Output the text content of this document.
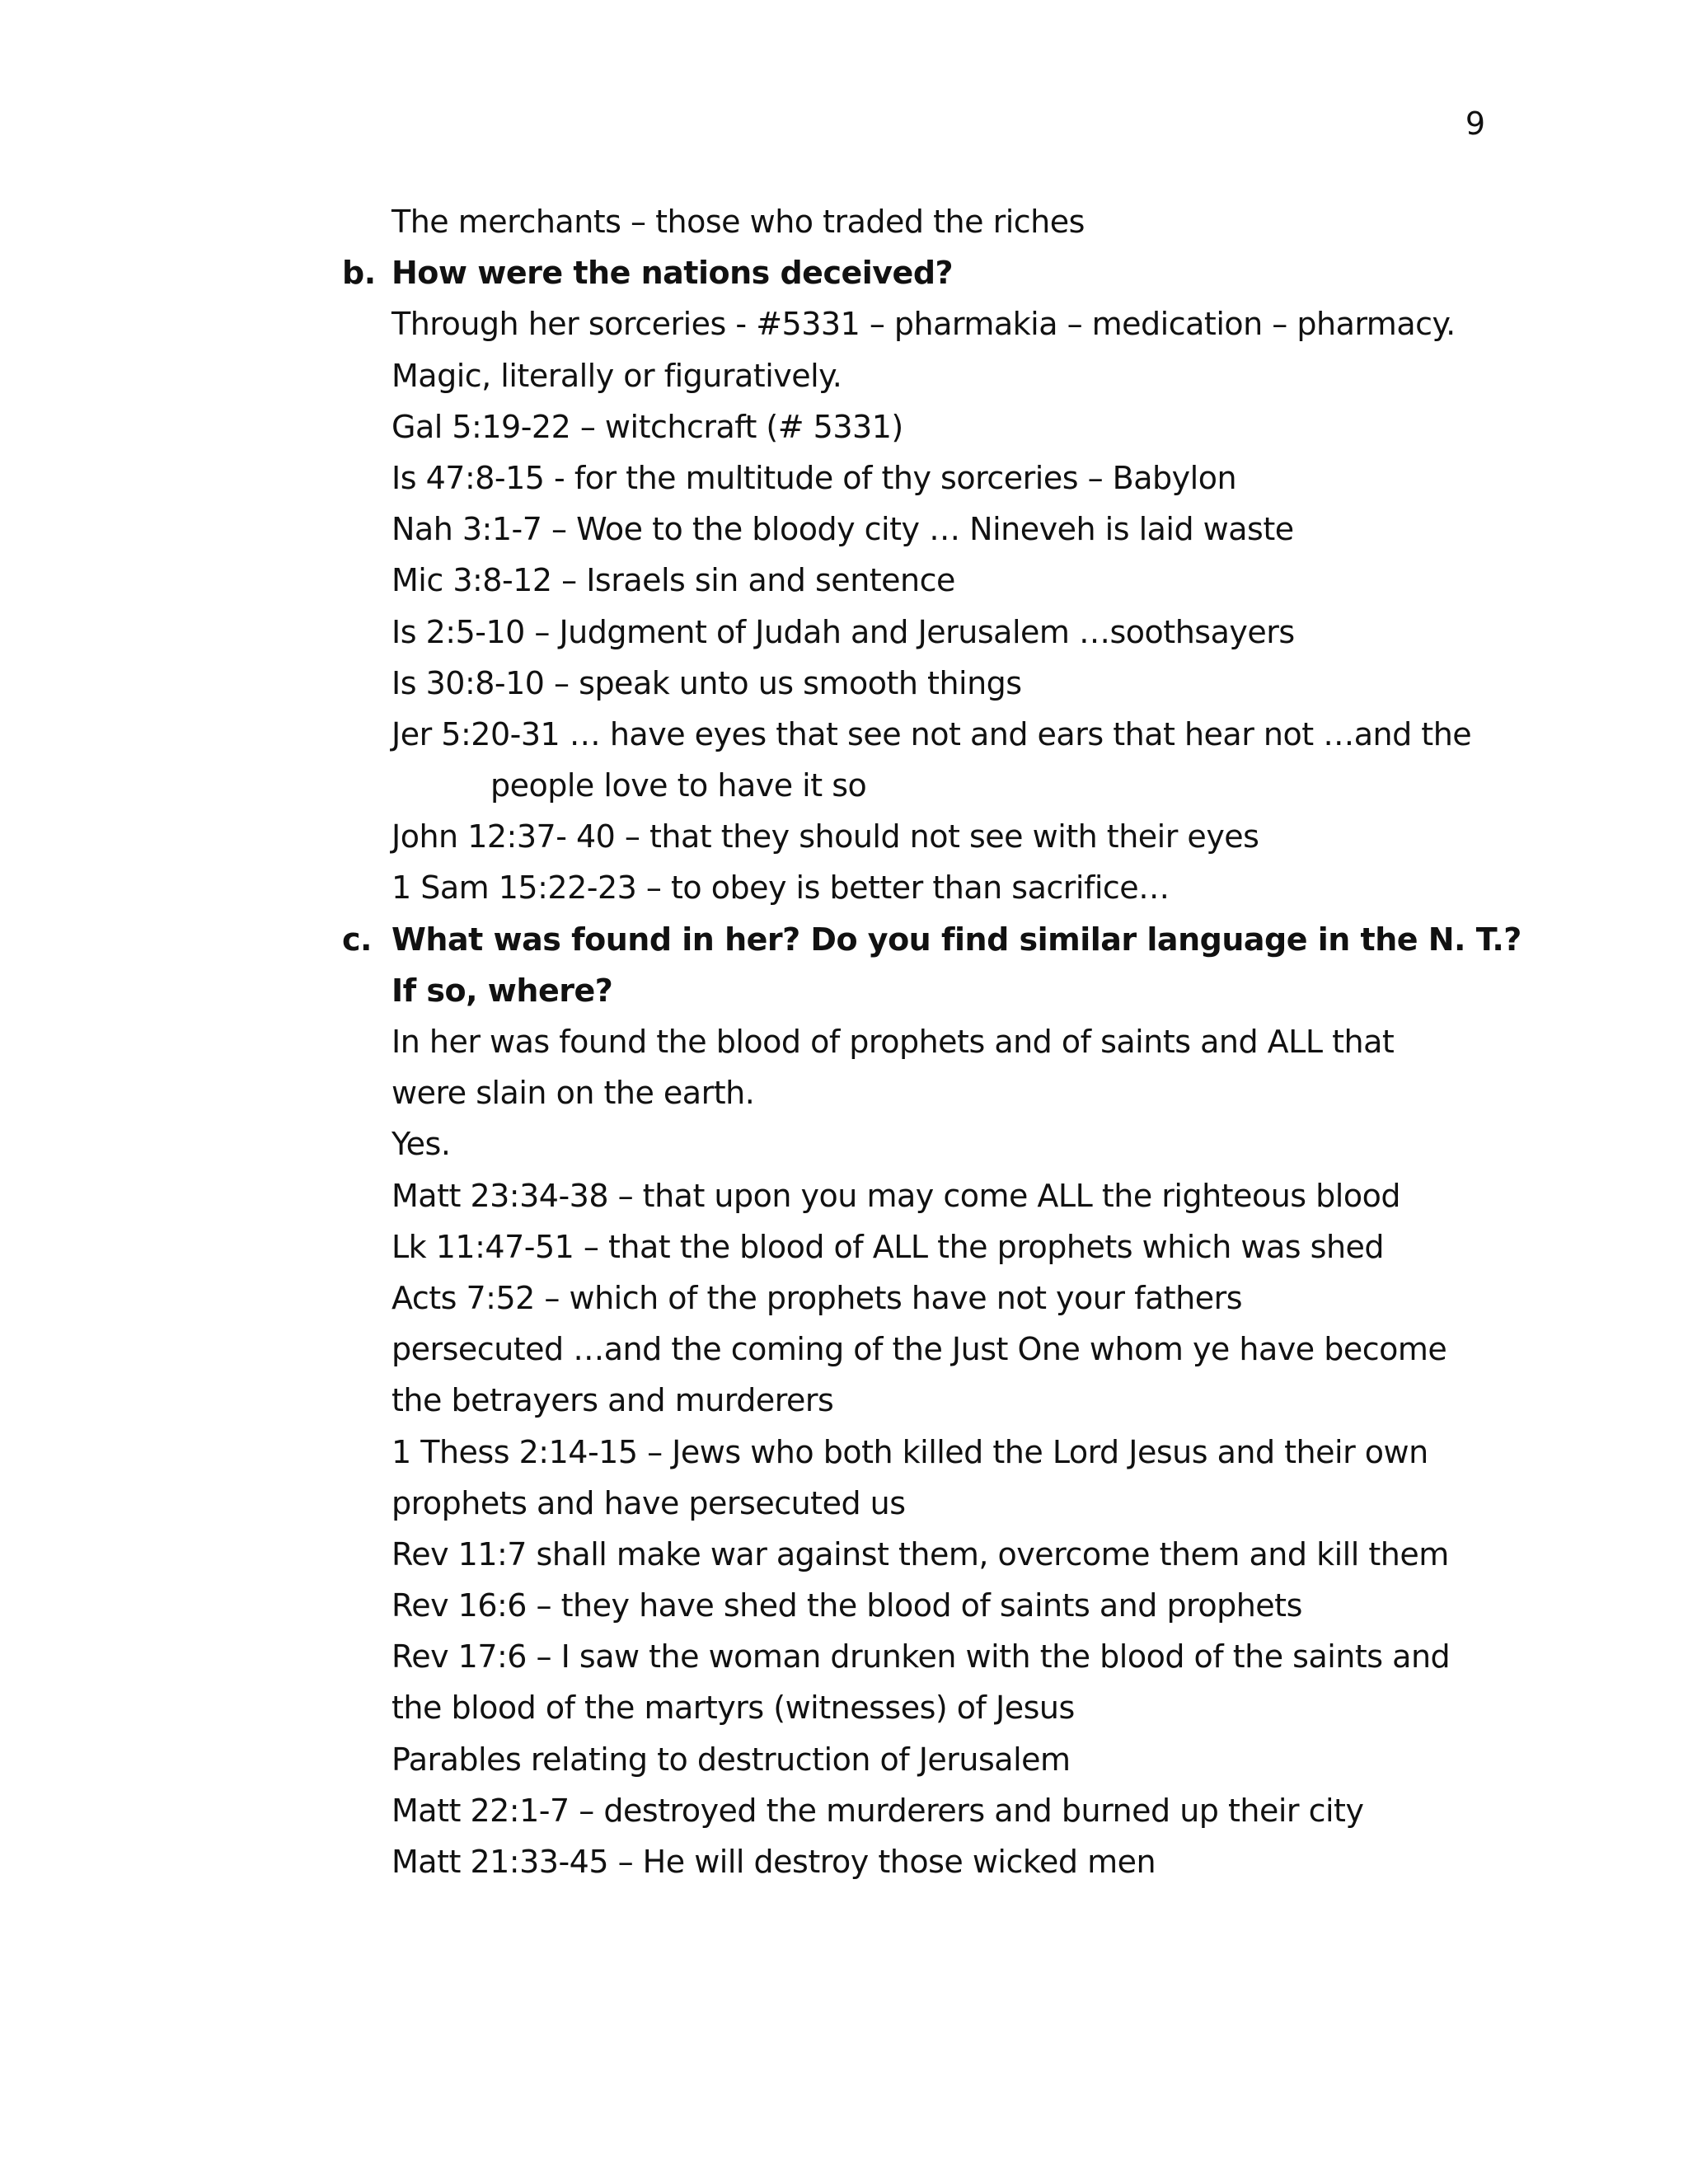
9
The merchants – those who traded the riches
b. How were the nations deceived?
Through her sorceries - #5331 – pharmakia – medication – pharmacy.
Magic, literally or figuratively.
Gal 5:19-22 – witchcraft (# 5331)
Is 47:8-15 - for the multitude of thy sorceries – Babylon
Nah 3:1-7 – Woe to the bloody city … Nineveh is laid waste
Mic 3:8-12 – Israels sin and sentence
Is 2:5-10 – Judgment of Judah and Jerusalem …soothsayers
Is 30:8-10 – speak unto us smooth things
Jer 5:20-31 … have eyes that see not and ears that hear not …and the
people love to have it so
John 12:37- 40 – that they should not see with their eyes
1 Sam 15:22-23 – to obey is better than sacrifice…
c. What was found in her? Do you find similar language in the N. T.?
If so, where?
In her was found the blood of prophets and of saints and ALL that
were slain on the earth.
Yes.
Matt 23:34-38 – that upon you may come ALL the righteous blood
Lk 11:47-51 – that the blood of ALL the prophets which was shed
Acts 7:52 – which of the prophets have not your fathers
persecuted …and the coming of the Just One whom ye have become
the betrayers and murderers
1 Thess 2:14-15 – Jews who both killed the Lord Jesus and their own
prophets and have persecuted us
Rev 11:7 shall make war against them, overcome them and kill them
Rev 16:6 – they have shed the blood of saints and prophets
Rev 17:6 – I saw the woman drunken with the blood of the saints and
the blood of the martyrs (witnesses) of Jesus
Parables relating to destruction of Jerusalem
Matt 22:1-7 – destroyed the murderers and burned up their city
Matt 21:33-45 – He will destroy those wicked men
